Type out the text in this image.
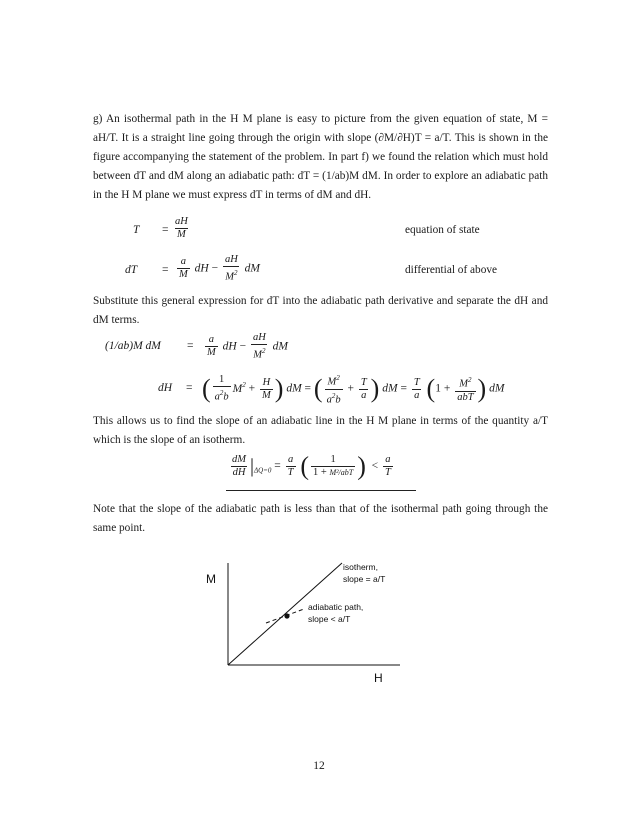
g) An isothermal path in the H M plane is easy to picture from the given equation of state, M = aH/T. It is a straight line going through the origin with slope (∂M/∂H)T = a/T. This is shown in the figure accompanying the statement of the problem. In part f) we found the relation which must hold between dT and dM along an adiabatic path: dT = (1/ab)M dM. In order to explore an adiabatic path in the H M plane we must express dT in terms of dM and dH.
$T = \frac{aH}{M}$	equation of state
dT = $\frac{a}{M}$ dH − $\frac{aH}{M^2}$ dM	differential of above
Substitute this general expression for dT into the adiabatic path derivative and separate the dH and dM terms.
(1/ab)M dM = $\frac{a}{M}$ dH − $\frac{aH}{M^2}$ dM
dH = ( $\frac{1}{a^2b} M^2 + \frac{H}{M}$ ) dM = ( $\frac{M^2}{a^2b} + \frac{T}{a}$ ) dM = $\frac{T}{a} (1 + \frac{M^2}{\text{abT}}$ ) dM
This allows us to find the slope of an adiabatic line in the H M plane in terms of the quantity a/T which is the slope of an isotherm.
$\frac{dM}{dH} |_{\Delta Q=0} = \frac{a}{T}$ ( $\frac{1}{\text{1 + M²/abT}}$ )  < $\frac{a}{T}$
Note that the slope of the adiabatic path is less than that of the isothermal path going through the same point.
M
H
isotherm,
slope = a/T
adiabatic path,
slope < a/T
12
